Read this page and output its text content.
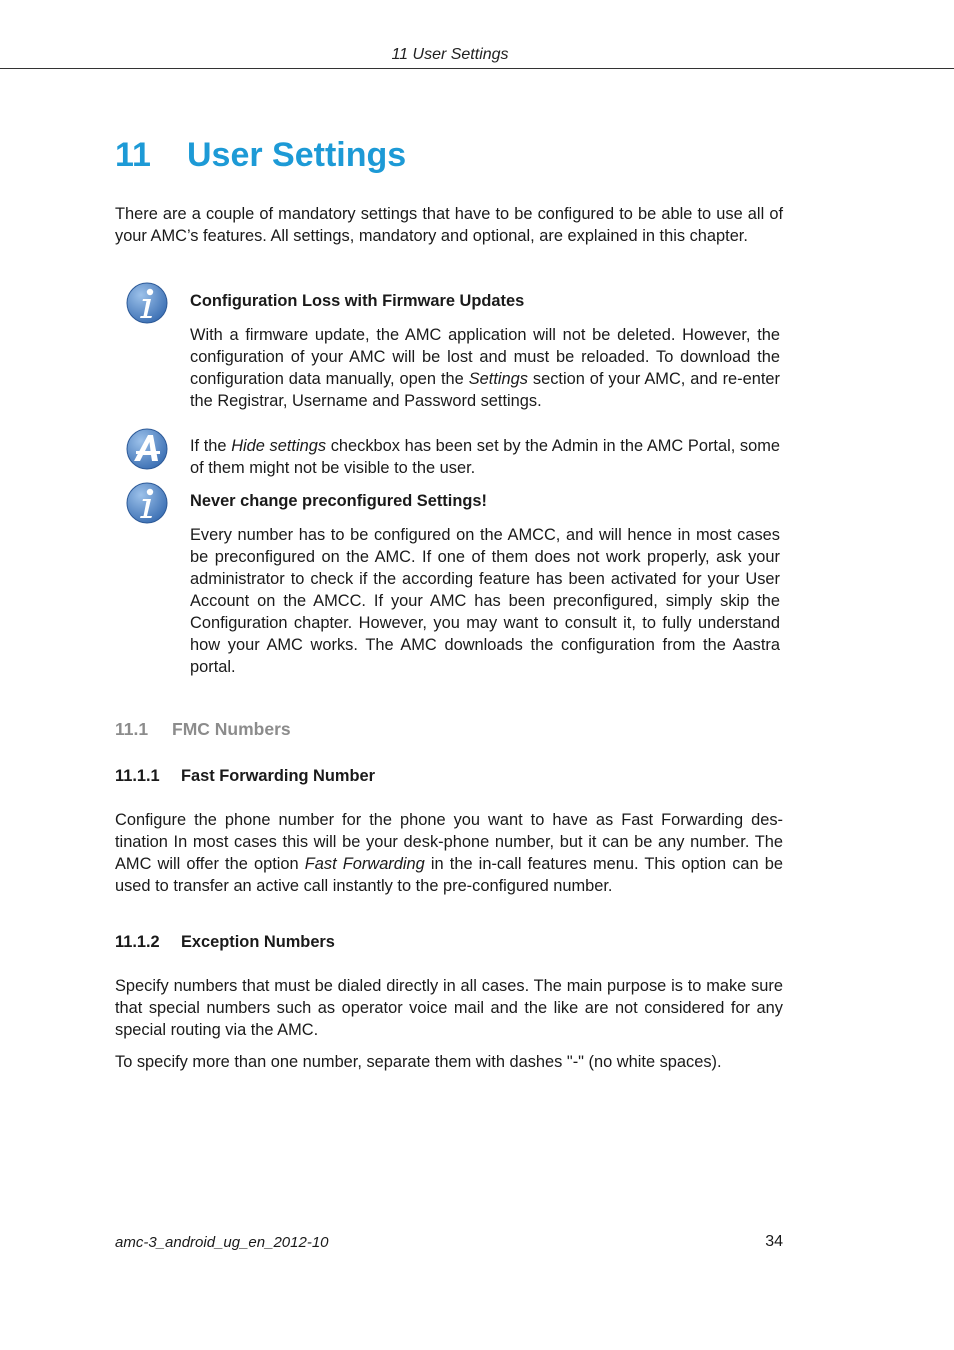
11 User Settings
11 User Settings

There are a couple of mandatory settings that have to be configured to be able to use all of your AMC’s features. All settings, mandatory and optional, are explained in this chapter.

Configuration Loss with Firmware Updates

With a firmware update, the AMC application will not be deleted. However, the configuration of your AMC will be lost and must be reloaded. To download the configuration data manually, open the Settings section of your AMC, and re-enter the Registrar, Username and Password settings.

If the Hide settings checkbox has been set by the Admin in the AMC Portal, some of them might not be visible to the user.

Never change preconfigured Settings!

Every number has to be configured on the AMCC, and will hence in most cases be preconfigured on the AMC. If one of them does not work properly, ask your administrator to check if the according feature has been activated for your User Account on the AMCC. If your AMC has been preconfigured, simply skip the Configuration chapter. However, you may want to consult it, to fully understand how your AMC works. The AMC downloads the configuration from the Aastra portal.

11.1 FMC Numbers
11.1.1 Fast Forwarding Number

Configure the phone number for the phone you want to have as Fast Forwarding des-tination In most cases this will be your desk-phone number, but it can be any number. The AMC will offer the option Fast Forwarding in the in-call features menu. This option can be used to transfer an active call instantly to the pre-configured number.

11.1.2 Exception Numbers

Specify numbers that must be dialed directly in all cases. The main purpose is to make sure that special numbers such as operator voice mail and the like are not considered for any special routing via the AMC.

To specify more than one number, separate them with dashes "-" (no white spaces).

amc-3_android_ug_en_2012-10	34
